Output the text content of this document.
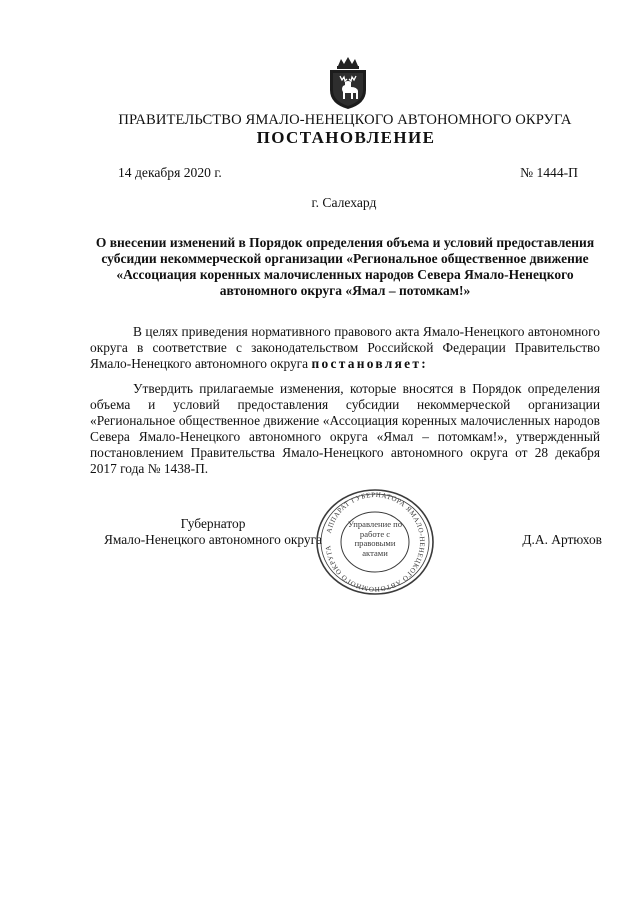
ПРАВИТЕЛЬСТВО ЯМАЛО-НЕНЕЦКОГО АВТОНОМНОГО ОКРУГА
ПОСТАНОВЛЕНИЕ
14 декабря 2020 г.	№ 1444-П
г. Салехард
О внесении изменений в Порядок определения объема и условий предоставления субсидии некоммерческой организации «Региональное общественное движение «Ассоциация коренных малочисленных народов Севера Ямало-Ненецкого автономного округа «Ямал – потомкам!»
В целях приведения нормативного правового акта Ямало-Ненецкого автономного округа в соответствие с законодательством Российской Федерации Правительство Ямало-Ненецкого автономного округа постановляет:
Утвердить прилагаемые изменения, которые вносятся в Порядок определения объема и условий предоставления субсидии некоммерческой организации «Региональное общественное движение «Ассоциация коренных малочисленных народов Севера Ямало-Ненецкого автономного округа «Ямал – потомкам!», утвержденный постановлением Правительства Ямало-Ненецкого автономного округа от 28 декабря 2017 года № 1438-П.
Губернатор
Ямало-Ненецкого автономного округа	Д.А. Артюхов
АППАРАТ ГУБЕРНАТОРА ЯМАЛО-НЕНЕЦКОГО АВТОНОМНОГО ОКРУГА
Управление по работе с правовыми актами
